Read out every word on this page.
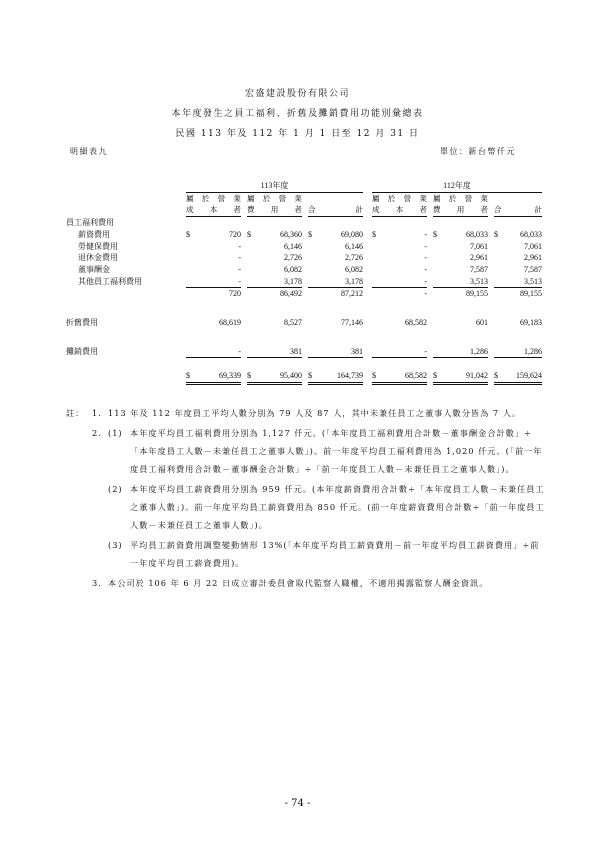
宏盛建設股份有限公司
本年度發生之員工福利、折舊及攤銷費用功能別彙總表
民國 113 年及 112 年 1 月 1 日至 12 月 31 日
明細表九	單位：新台幣仟元
	113年度						112年度				
	屬於營業		屬於營業				屬於營業		屬於營業		
	成本者		費用者		合計		成本者		費用者		合計
員工福利費用											
薪資費用	$ 720		$ 68,360		$ 69,080		$ -		$ 68,033		$ 68,033
勞健保費用	-		6,146		6,146		-		7,061		7,061
退休金費用	-		2,726		2,726		-		2,961		2,961
董事酬金	-		6,082		6,082		-		7,587		7,587
其他員工福利費用	-		3,178		3,178		-		3,513		3,513
	720		86,492		87,212		-		89,155		89,155

折舊費用	68,619		8,527		77,146		68,582		601		69,183

攤銷費用	-		381		381		-		1,286		1,286

	$ 69,339		$ 95,400		$ 164,739		$ 68,582		$ 91,042		$ 159,624
註： 1. 113 年及 112 年度員工平均人數分別為 79 人及 87 人，其中未兼任員工之董事人數分皆為 7 人。
2. (1) 本年度平均員工福利費用分別為 1,127 仟元。(「本年度員工福利費用合計數－董事酬金合計數」÷「本年度員工人數－未兼任員工之董事人數」)。前一年度平均員工福利費用為 1,020 仟元。(「前一年度員工福利費用合計數－董事酬金合計數」÷「前一年度員工人數－未兼任員工之董事人數」)。
(2) 本年度平均員工薪資費用分別為 959 仟元。(本年度薪資費用合計數÷「本年度員工人數－未兼任員工之董事人數」)。前一年度平均員工薪資費用為 850 仟元。(前一年度薪資費用合計數÷「前一年度員工人數－未兼任員工之董事人數」)。
(3) 平均員工薪資費用調整變動情形 13%(「本年度平均員工薪資費用－前一年度平均員工薪資費用」÷前一年度平均員工薪資費用)。
3. 本公司於 106 年 6 月 22 日成立審計委員會取代監察人職權，不適用揭露監察人酬金資訊。
- 74 -
